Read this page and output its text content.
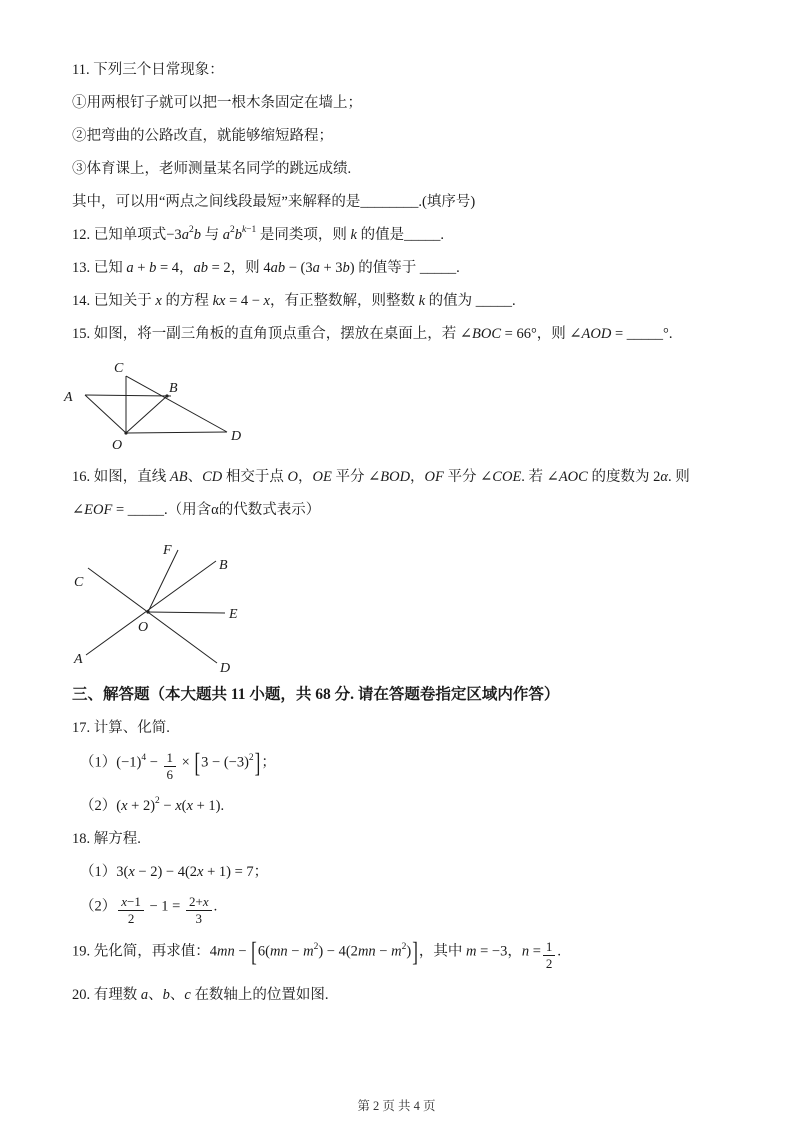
11. 下列三个日常现象：
①用两根钉子就可以把一根木条固定在墙上；
②把弯曲的公路改直，就能够缩短路程；
③体育课上，老师测量某名同学的跳远成绩.
其中，可以用“两点之间线段最短”来解释的是________.(填序号)
12. 已知单项式$-3a^2b$ 与 $a^2b^{k-1}$ 是同类项，则 k 的值是_____.
13. 已知 a + b = 4，ab = 2，则 4ab − (3a + 3b) 的值等于 _____.
14. 已知关于 x 的方程 kx = 4 − x，有正整数解，则整数 k 的值为 _____.
15. 如图，将一副三角板的直角顶点重合，摆放在桌面上，若 ∠BOC = 66°，则 ∠AOD = _____°.
C
A
B
O
D
16. 如图，直线 AB、CD 相交于点 O，OE 平分 ∠BOD，OF 平分 ∠COE. 若 ∠AOC 的度数为 2α. 则
∠EOF = _____.（用含α的代数式表示）
F
B
C
E
O
A
D
三、解答题（本大题共 11 小题，共 68 分. 请在答题卷指定区域内作答）
17. 计算、化简.
$(1)(-1)^4 - \frac{1}{6} \times [3 - (-3)^2]$；
$(2)(x + 2)^2 - x(x + 1)$.
18. 解方程.
（1）3(x − 2) − 4(2x + 1) = 7；
$(2) \frac{x-1}{2} - 1 = \frac{2+x}{3}$ .
19. 先化简，再求值：$4mn - [6(mn - m^2) - 4(2mn - m^2)]$，其中 m = −3，$n = \frac{1}{2}$ .
20. 有理数 a、b、c 在数轴上的位置如图.
第 2 页 共 4 页
